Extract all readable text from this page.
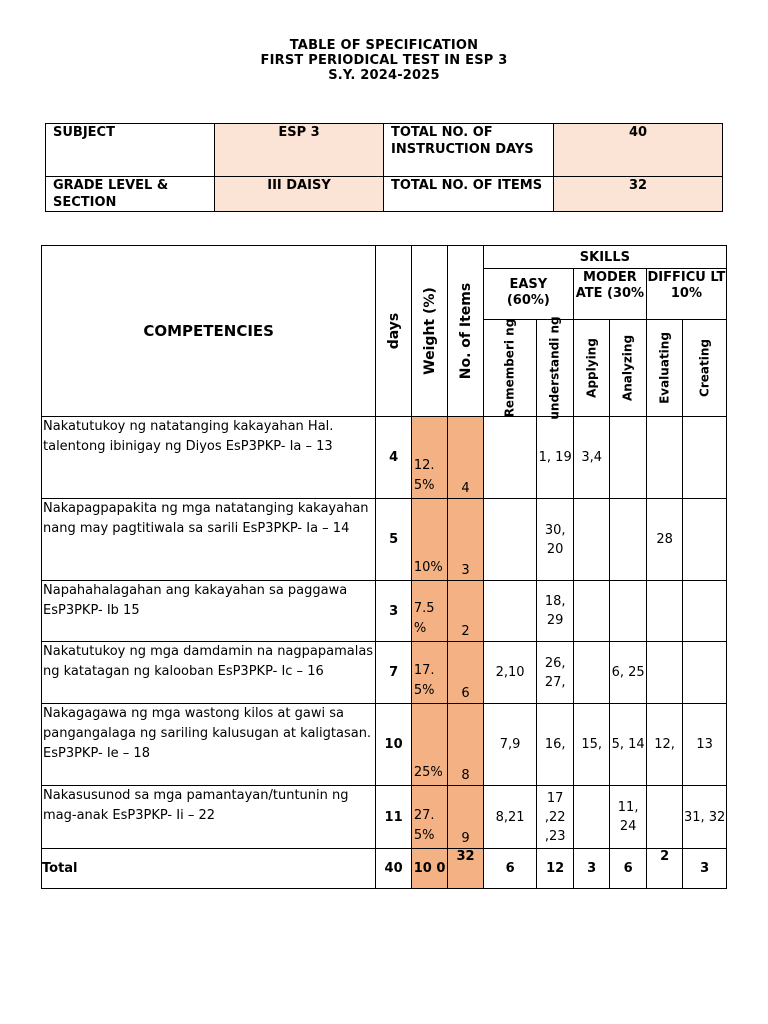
TABLE OF SPECIFICATION
FIRST PERIODICAL TEST IN ESP 3
S.Y. 2024-2025
SUBJECT	ESP 3	TOTAL NO. OF INSTRUCTION DAYS	40
GRADE LEVEL & SECTION	III DAISY	TOTAL NO. OF ITEMS	32
COMPETENCIES	days	Weight (%)	No. of Items	SKILLS					
				EASY (60%)		MODER ATE (30%		DIFFICU LT 10%	

				Rememberi ng	understandi ng	Applying	Analyzing	Evaluating	Creating

Nakatutukoy ng natatanging kakayahan Hal. talentong ibinigay ng Diyos EsP3PKP- Ia – 13	4	12. 5%	4		1, 19	3,4			
Nakapagpapakita ng mga natatanging kakayahan nang may pagtitiwala sa sarili EsP3PKP- Ia – 14	5	10%	3		30, 20			28	
Napahahalagahan ang kakayahan sa paggawa EsP3PKP- Ib 15	3	7.5 %	2		18, 29				
Nakatutukoy ng mga damdamin na nagpapamalas ng katatagan ng kalooban EsP3PKP- Ic – 16	7	17. 5%	6	2,10	26, 27,		6, 25		
Nakagagawa ng mga wastong kilos at gawi sa pangangalaga ng sariling kalusugan at kaligtasan. EsP3PKP- Ie – 18	10	25%	8	7,9	16,	15,	5, 14	12,	13
Nakasusunod sa mga pamantayan/tuntunin ng mag-anak EsP3PKP- Ii – 22	11	27. 5%	9	8,21	17 ,22 ,23		11, 24		31, 32
Total	40	10 0	32	6	12	3	6	2	3
